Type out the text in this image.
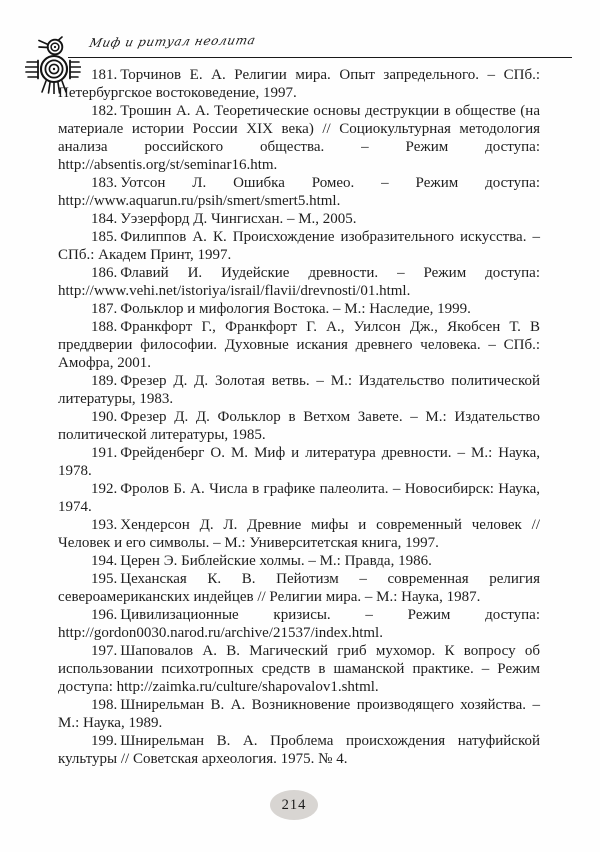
Миф и ритуал неолита

181. Торчинов Е. А. Религии мира. Опыт запредельного. – СПб.: Петербургское востоковедение, 1997.

182. Трошин А. А. Теоретические основы деструкции в обществе (на материале истории России XIX века) // Социокультурная методология анализа российского общества. – Режим доступа: http://absentis.org/st/seminar16.htm.

183. Уотсон Л. Ошибка Ромео. – Режим доступа: http://www.aquarun.ru/psih/smert/smert5.html.

184. Уэзерфорд Д. Чингисхан. – М., 2005.

185. Филиппов А. К. Происхождение изобразительного искусства. – СПб.: Академ Принт, 1997.

186. Флавий И. Иудейские древности. – Режим доступа: http://www.vehi.net/istoriya/israil/flavii/drevnosti/01.html.

187. Фольклор и мифология Востока. – М.: Наследие, 1999.

188. Франкфорт Г., Франкфорт Г. А., Уилсон Дж., Якобсен Т. В преддверии философии. Духовные искания древнего человека. – СПб.: Амофра, 2001.

189. Фрезер Д. Д. Золотая ветвь. – М.: Издательство политической литературы, 1983.

190. Фрезер Д. Д. Фольклор в Ветхом Завете. – М.: Издательство политической литературы, 1985.

191. Фрейденберг О. М. Миф и литература древности. – М.: Наука, 1978.

192. Фролов Б. А. Числа в графике палеолита. – Новосибирск: Наука, 1974.

193. Хендерсон Д. Л. Древние мифы и современный человек // Человек и его символы. – М.: Университетская книга, 1997.

194. Церен Э. Библейские холмы. – М.: Правда, 1986.

195. Цеханская К. В. Пейотизм – современная религия североамериканских индейцев // Религии мира. – М.: Наука, 1987.

196. Цивилизационные кризисы. – Режим доступа: http://gordon0030.narod.ru/archive/21537/index.html.

197. Шаповалов А. В. Магический гриб мухомор. К вопросу об использовании психотропных средств в шаманской практике. – Режим доступа: http://zaimka.ru/culture/shapovalov1.shtml.

198. Шнирельман В. А. Возникновение производящего хозяйства. – М.: Наука, 1989.

199. Шнирельман В. А. Проблема происхождения натуфийской культуры // Советская археология. 1975. № 4.

214
